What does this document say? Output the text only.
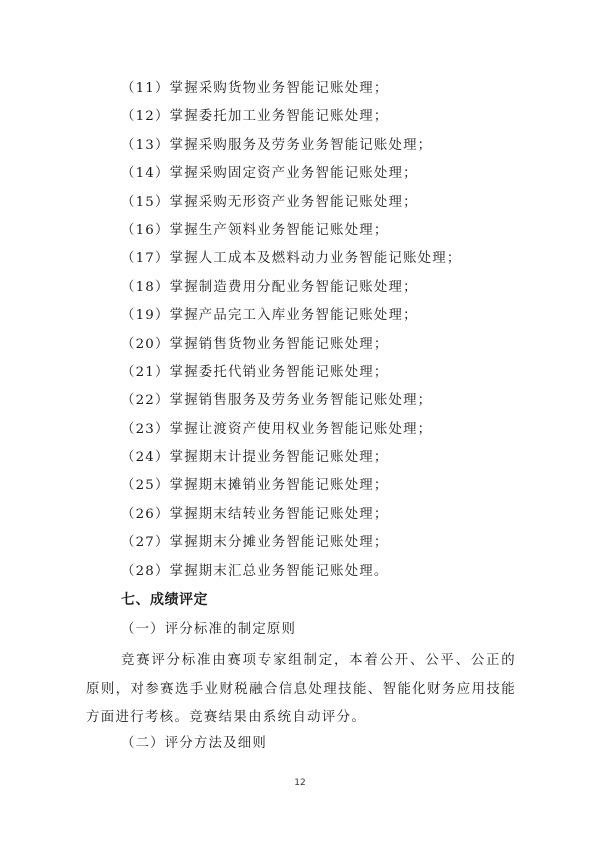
（11）掌握采购货物业务智能记账处理；
（12）掌握委托加工业务智能记账处理；
（13）掌握采购服务及劳务业务智能记账处理；
（14）掌握采购固定资产业务智能记账处理；
（15）掌握采购无形资产业务智能记账处理；
（16）掌握生产领料业务智能记账处理；
（17）掌握人工成本及燃料动力业务智能记账处理；
（18）掌握制造费用分配业务智能记账处理；
（19）掌握产品完工入库业务智能记账处理；
（20）掌握销售货物业务智能记账处理；
（21）掌握委托代销业务智能记账处理；
（22）掌握销售服务及劳务业务智能记账处理；
（23）掌握让渡资产使用权业务智能记账处理；
（24）掌握期末计提业务智能记账处理；
（25）掌握期末摊销业务智能记账处理；
（26）掌握期末结转业务智能记账处理；
（27）掌握期末分摊业务智能记账处理；
（28）掌握期末汇总业务智能记账处理。
七、成绩评定
（一）评分标准的制定原则

竞赛评分标准由赛项专家组制定，本着公开、公平、公正的原则，对参赛选手业财税融合信息处理技能、智能化财务应用技能方面进行考核。竞赛结果由系统自动评分。

（二）评分方法及细则
12
